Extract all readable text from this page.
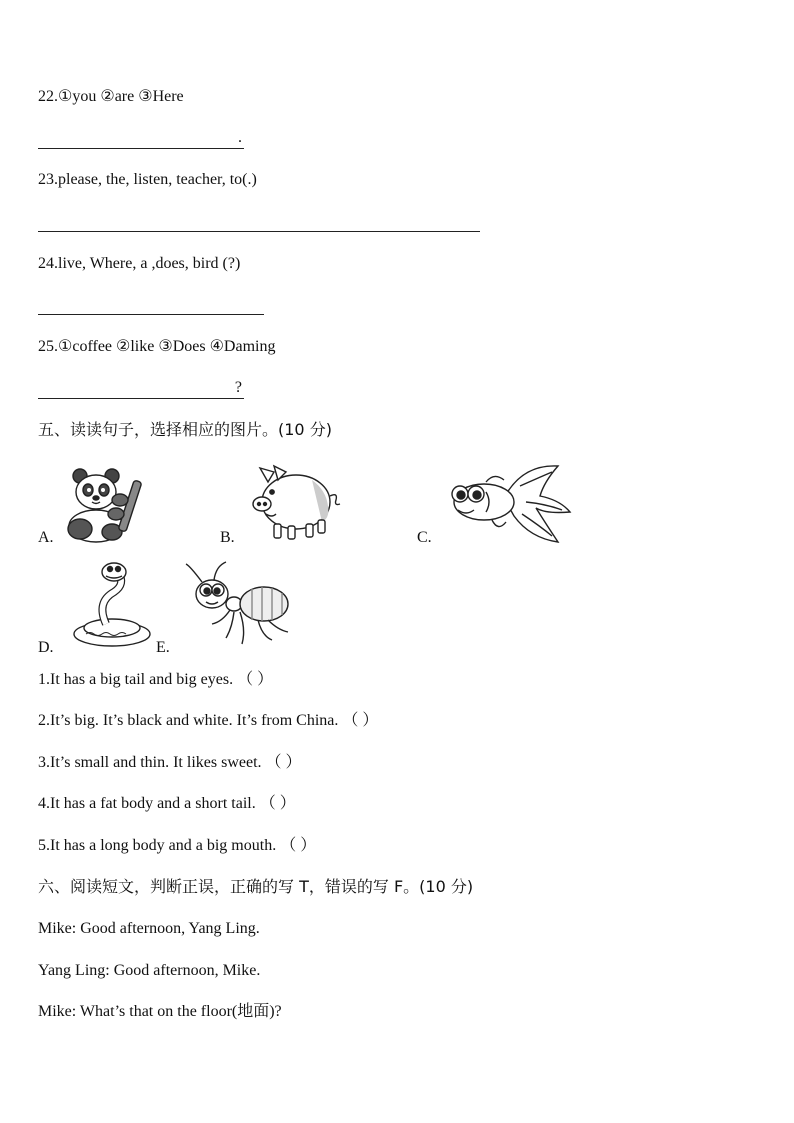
22.①you ②are ③Here
.
23.please, the, listen, teacher, to(.)
24.live, Where, a ,does, bird (?)
25.①coffee ②like ③Does ④Daming
?
五、读读句子，选择相应的图片。(10 分)
A.	B.	C.
D.	E.
1.It has a big tail and big eyes. （ ）
2.It’s big. It’s black and white. It’s from China. （ ）
3.It’s small and thin. It likes sweet. （ ）
4.It has a fat body and a short tail. （ ）
5.It has a long body and a big mouth. （ ）
六、阅读短文，判断正误，正确的写 T，错误的写 F。(10 分)
Mike: Good afternoon, Yang Ling.
Yang Ling: Good afternoon, Mike.
Mike: What’s that on the floor(地面)?
